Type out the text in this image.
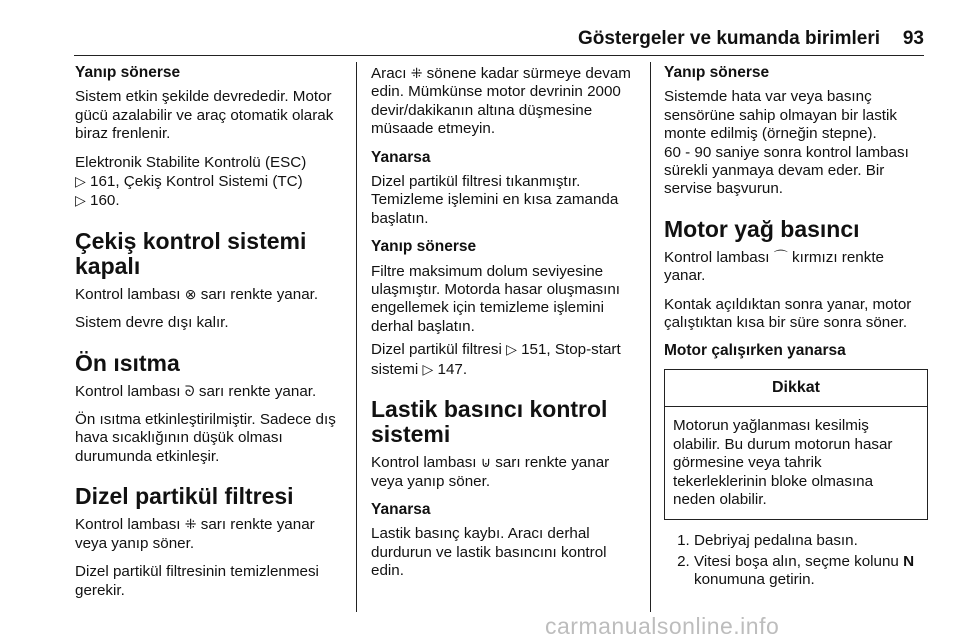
Göstergeler ve kumanda birimleri 93
Yanıp sönerse

Sistem etkin şekilde devrededir. Motor gücü azalabilir ve araç otomatik olarak biraz frenlenir.

Elektronik Stabilite Kontrolü (ESC)
▷ 161, Çekiş Kontrol Sistemi (TC)
▷ 160.

Çekiş kontrol sistemi kapalı

Kontrol lambası ⊗ sarı renkte yanar.

Sistem devre dışı kalır.

Ön ısıtma

Kontrol lambası ᘐ sarı renkte yanar.

Ön ısıtma etkinleştirilmiştir. Sadece dış hava sıcaklığının düşük olması durumunda etkinleşir.

Dizel partikül filtresi

Kontrol lambası ⁜ sarı renkte yanar veya yanıp söner.

Dizel partikül filtresinin temizlenmesi gerekir.

Aracı ⁜ sönene kadar sürmeye devam edin. Mümkünse motor devrinin 2000 devir/dakikanın altına düşmesine müsaade etmeyin.

Yanarsa

Dizel partikül filtresi tıkanmıştır. Temizleme işlemini en kısa zamanda başlatın.

Yanıp sönerse

Filtre maksimum dolum seviyesine ulaşmıştır. Motorda hasar oluşmasını engellemek için temizleme işlemini derhal başlatın.

Dizel partikül filtresi ▷ 151, Stop-start sistemi ▷ 147.

Lastik basıncı kontrol sistemi

Kontrol lambası ⊍ sarı renkte yanar veya yanıp söner.

Yanarsa

Lastik basınç kaybı. Aracı derhal durdurun ve lastik basıncını kontrol edin.

Yanıp sönerse

Sistemde hata var veya basınç sensörüne sahip olmayan bir lastik monte edilmiş (örneğin stepne).

60 - 90 saniye sonra kontrol lambası sürekli yanmaya devam eder. Bir servise başvurun.

Motor yağ basıncı

Kontrol lambası ⌒ kırmızı renkte yanar.

Kontak açıldıktan sonra yanar, motor çalıştıktan kısa bir süre sonra söner.

Motor çalışırken yanarsa
Dikkat
Motorun yağlanması kesilmiş olabilir. Bu durum motorun hasar görmesine veya tahrik tekerleklerinin bloke olmasına neden olabilir.
1. Debriyaj pedalına basın.
2. Vitesi boşa alın, seçme kolunu N konumuna getirin.
carmanualsonline.info
